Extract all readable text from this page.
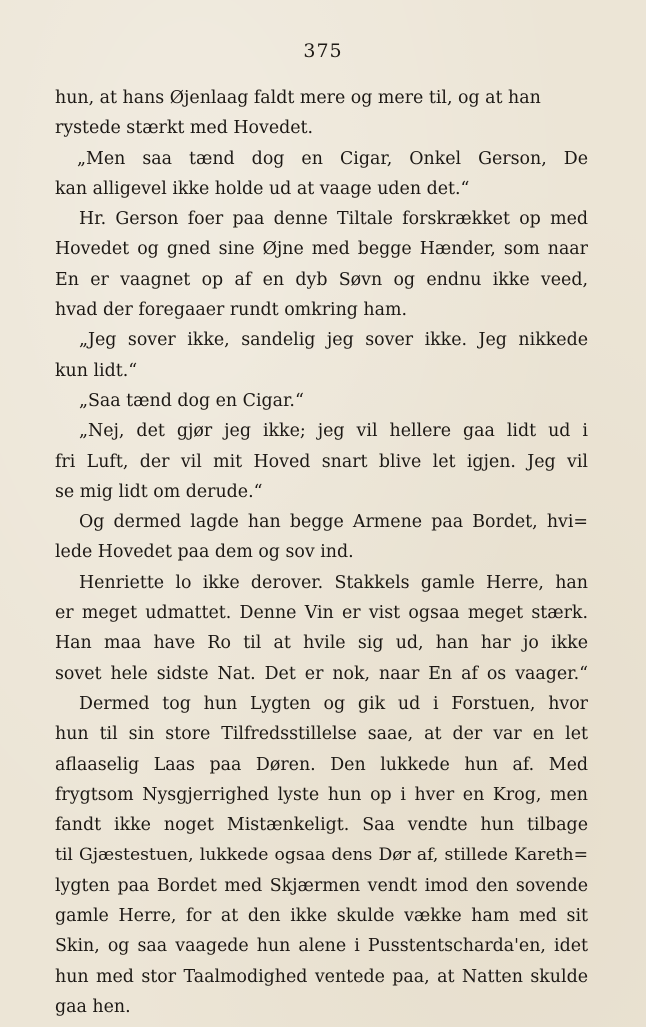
375
hun, at hans Øjenlaag faldt mere og mere til, og at han
rystede stærkt med Hovedet.
„Men saa tænd dog en Cigar, Onkel Gerson, De
kan alligevel ikke holde ud at vaage uden det.“
Hr. Gerson foer paa denne Tiltale forskrækket op med
Hovedet og gned sine Øjne med begge Hænder, som naar
En er vaagnet op af en dyb Søvn og endnu ikke veed,
hvad der foregaaer rundt omkring ham.
„Jeg sover ikke, sandelig jeg sover ikke. Jeg nikkede
kun lidt.“
„Saa tænd dog en Cigar.“
„Nej, det gjør jeg ikke; jeg vil hellere gaa lidt ud i
fri Luft, der vil mit Hoved snart blive let igjen. Jeg vil
se mig lidt om derude.“
Og dermed lagde han begge Armene paa Bordet, hvi=
lede Hovedet paa dem og sov ind.
Henriette lo ikke derover. Stakkels gamle Herre, han
er meget udmattet. Denne Vin er vist ogsaa meget stærk.
Han maa have Ro til at hvile sig ud, han har jo ikke
sovet hele sidste Nat. Det er nok, naar En af os vaager.“
Dermed tog hun Lygten og gik ud i Forstuen, hvor
hun til sin store Tilfredsstillelse saae, at der var en let
aflaaselig Laas paa Døren. Den lukkede hun af. Med
frygtsom Nysgjerrighed lyste hun op i hver en Krog, men
fandt ikke noget Mistænkeligt. Saa vendte hun tilbage
til Gjæstestuen, lukkede ogsaa dens Dør af, stillede Kareth=
lygten paa Bordet med Skjærmen vendt imod den sovende
gamle Herre, for at den ikke skulde vække ham med sit
Skin, og saa vaagede hun alene i Pusstentscharda'en, idet
hun med stor Taalmodighed ventede paa, at Natten skulde
gaa hen.
